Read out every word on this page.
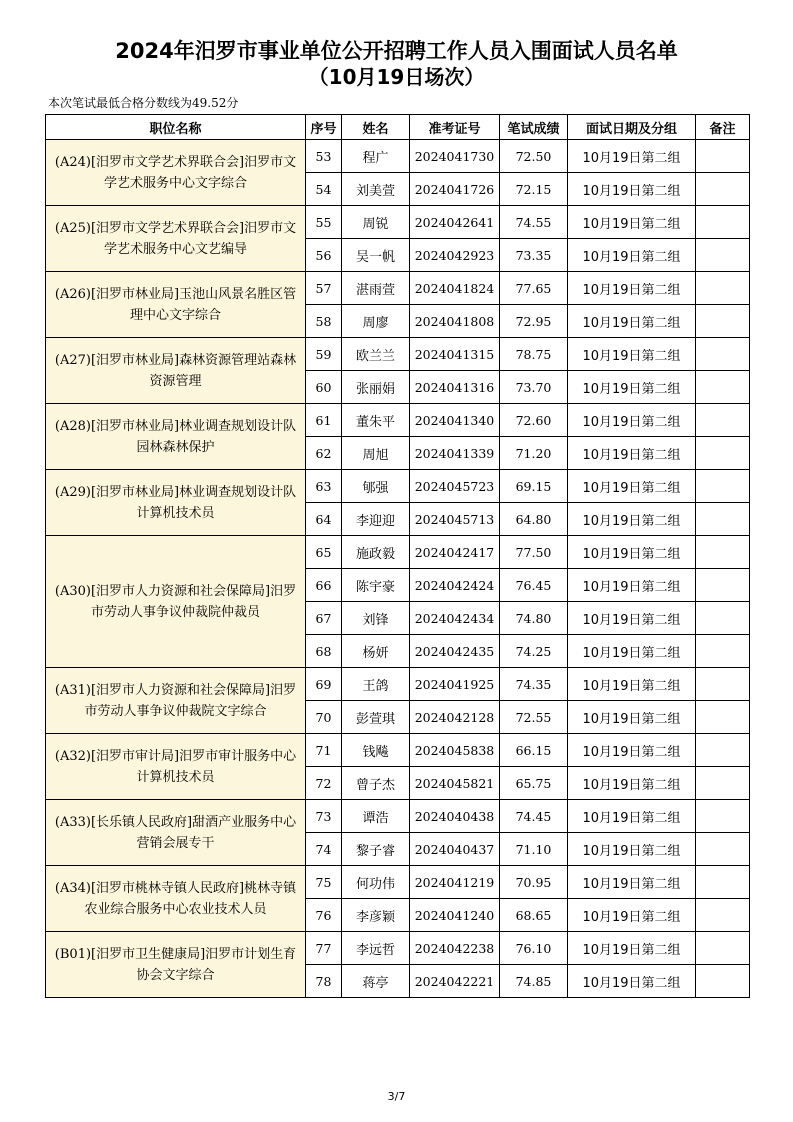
2024年汨罗市事业单位公开招聘工作人员入围面试人员名单
（10月19日场次）
本次笔试最低合格分数线为49.52分
职位名称	序号	姓名	准考证号	笔试成绩	面试日期及分组	备注
(A24)[汨罗市文学艺术界联合会]汨罗市文学艺术服务中心文字综合	53	程广	2024041730	72.50	10月19日第二组	
	54	刘美萱	2024041726	72.15	10月19日第二组	
(A25)[汨罗市文学艺术界联合会]汨罗市文学艺术服务中心文艺编导	55	周锐	2024042641	74.55	10月19日第二组	
	56	吴一帆	2024042923	73.35	10月19日第二组	
(A26)[汨罗市林业局]玉池山风景名胜区管理中心文字综合	57	湛雨萱	2024041824	77.65	10月19日第二组	
	58	周廖	2024041808	72.95	10月19日第二组	
(A27)[汨罗市林业局]森林资源管理站森林资源管理	59	欧兰兰	2024041315	78.75	10月19日第二组	
	60	张丽娟	2024041316	73.70	10月19日第二组	
(A28)[汨罗市林业局]林业调查规划设计队园林森林保护	61	董朱平	2024041340	72.60	10月19日第二组	
	62	周旭	2024041339	71.20	10月19日第二组	
(A29)[汨罗市林业局]林业调查规划设计队计算机技术员	63	郇强	2024045723	69.15	10月19日第二组	
	64	李迎迎	2024045713	64.80	10月19日第二组	
(A30)[汨罗市人力资源和社会保障局]汨罗市劳动人事争议仲裁院仲裁员	65	施政毅	2024042417	77.50	10月19日第二组	
	66	陈宇豪	2024042424	76.45	10月19日第二组	
	67	刘锋	2024042434	74.80	10月19日第二组	
	68	杨妍	2024042435	74.25	10月19日第二组	
(A31)[汨罗市人力资源和社会保障局]汨罗市劳动人事争议仲裁院文字综合	69	王鸽	2024041925	74.35	10月19日第二组	
	70	彭萱琪	2024042128	72.55	10月19日第二组	
(A32)[汨罗市审计局]汨罗市审计服务中心计算机技术员	71	钱飚	2024045838	66.15	10月19日第二组	
	72	曾子杰	2024045821	65.75	10月19日第二组	
(A33)[长乐镇人民政府]甜酒产业服务中心营销会展专干	73	谭浩	2024040438	74.45	10月19日第二组	
	74	黎子睿	2024040437	71.10	10月19日第二组	
(A34)[汨罗市桃林寺镇人民政府]桃林寺镇农业综合服务中心农业技术人员	75	何功伟	2024041219	70.95	10月19日第二组	
	76	李彦颖	2024041240	68.65	10月19日第二组	
(B01)[汨罗市卫生健康局]汨罗市计划生育协会文字综合	77	李远哲	2024042238	76.10	10月19日第二组	
	78	蒋亭	2024042221	74.85	10月19日第二组	
3/7
